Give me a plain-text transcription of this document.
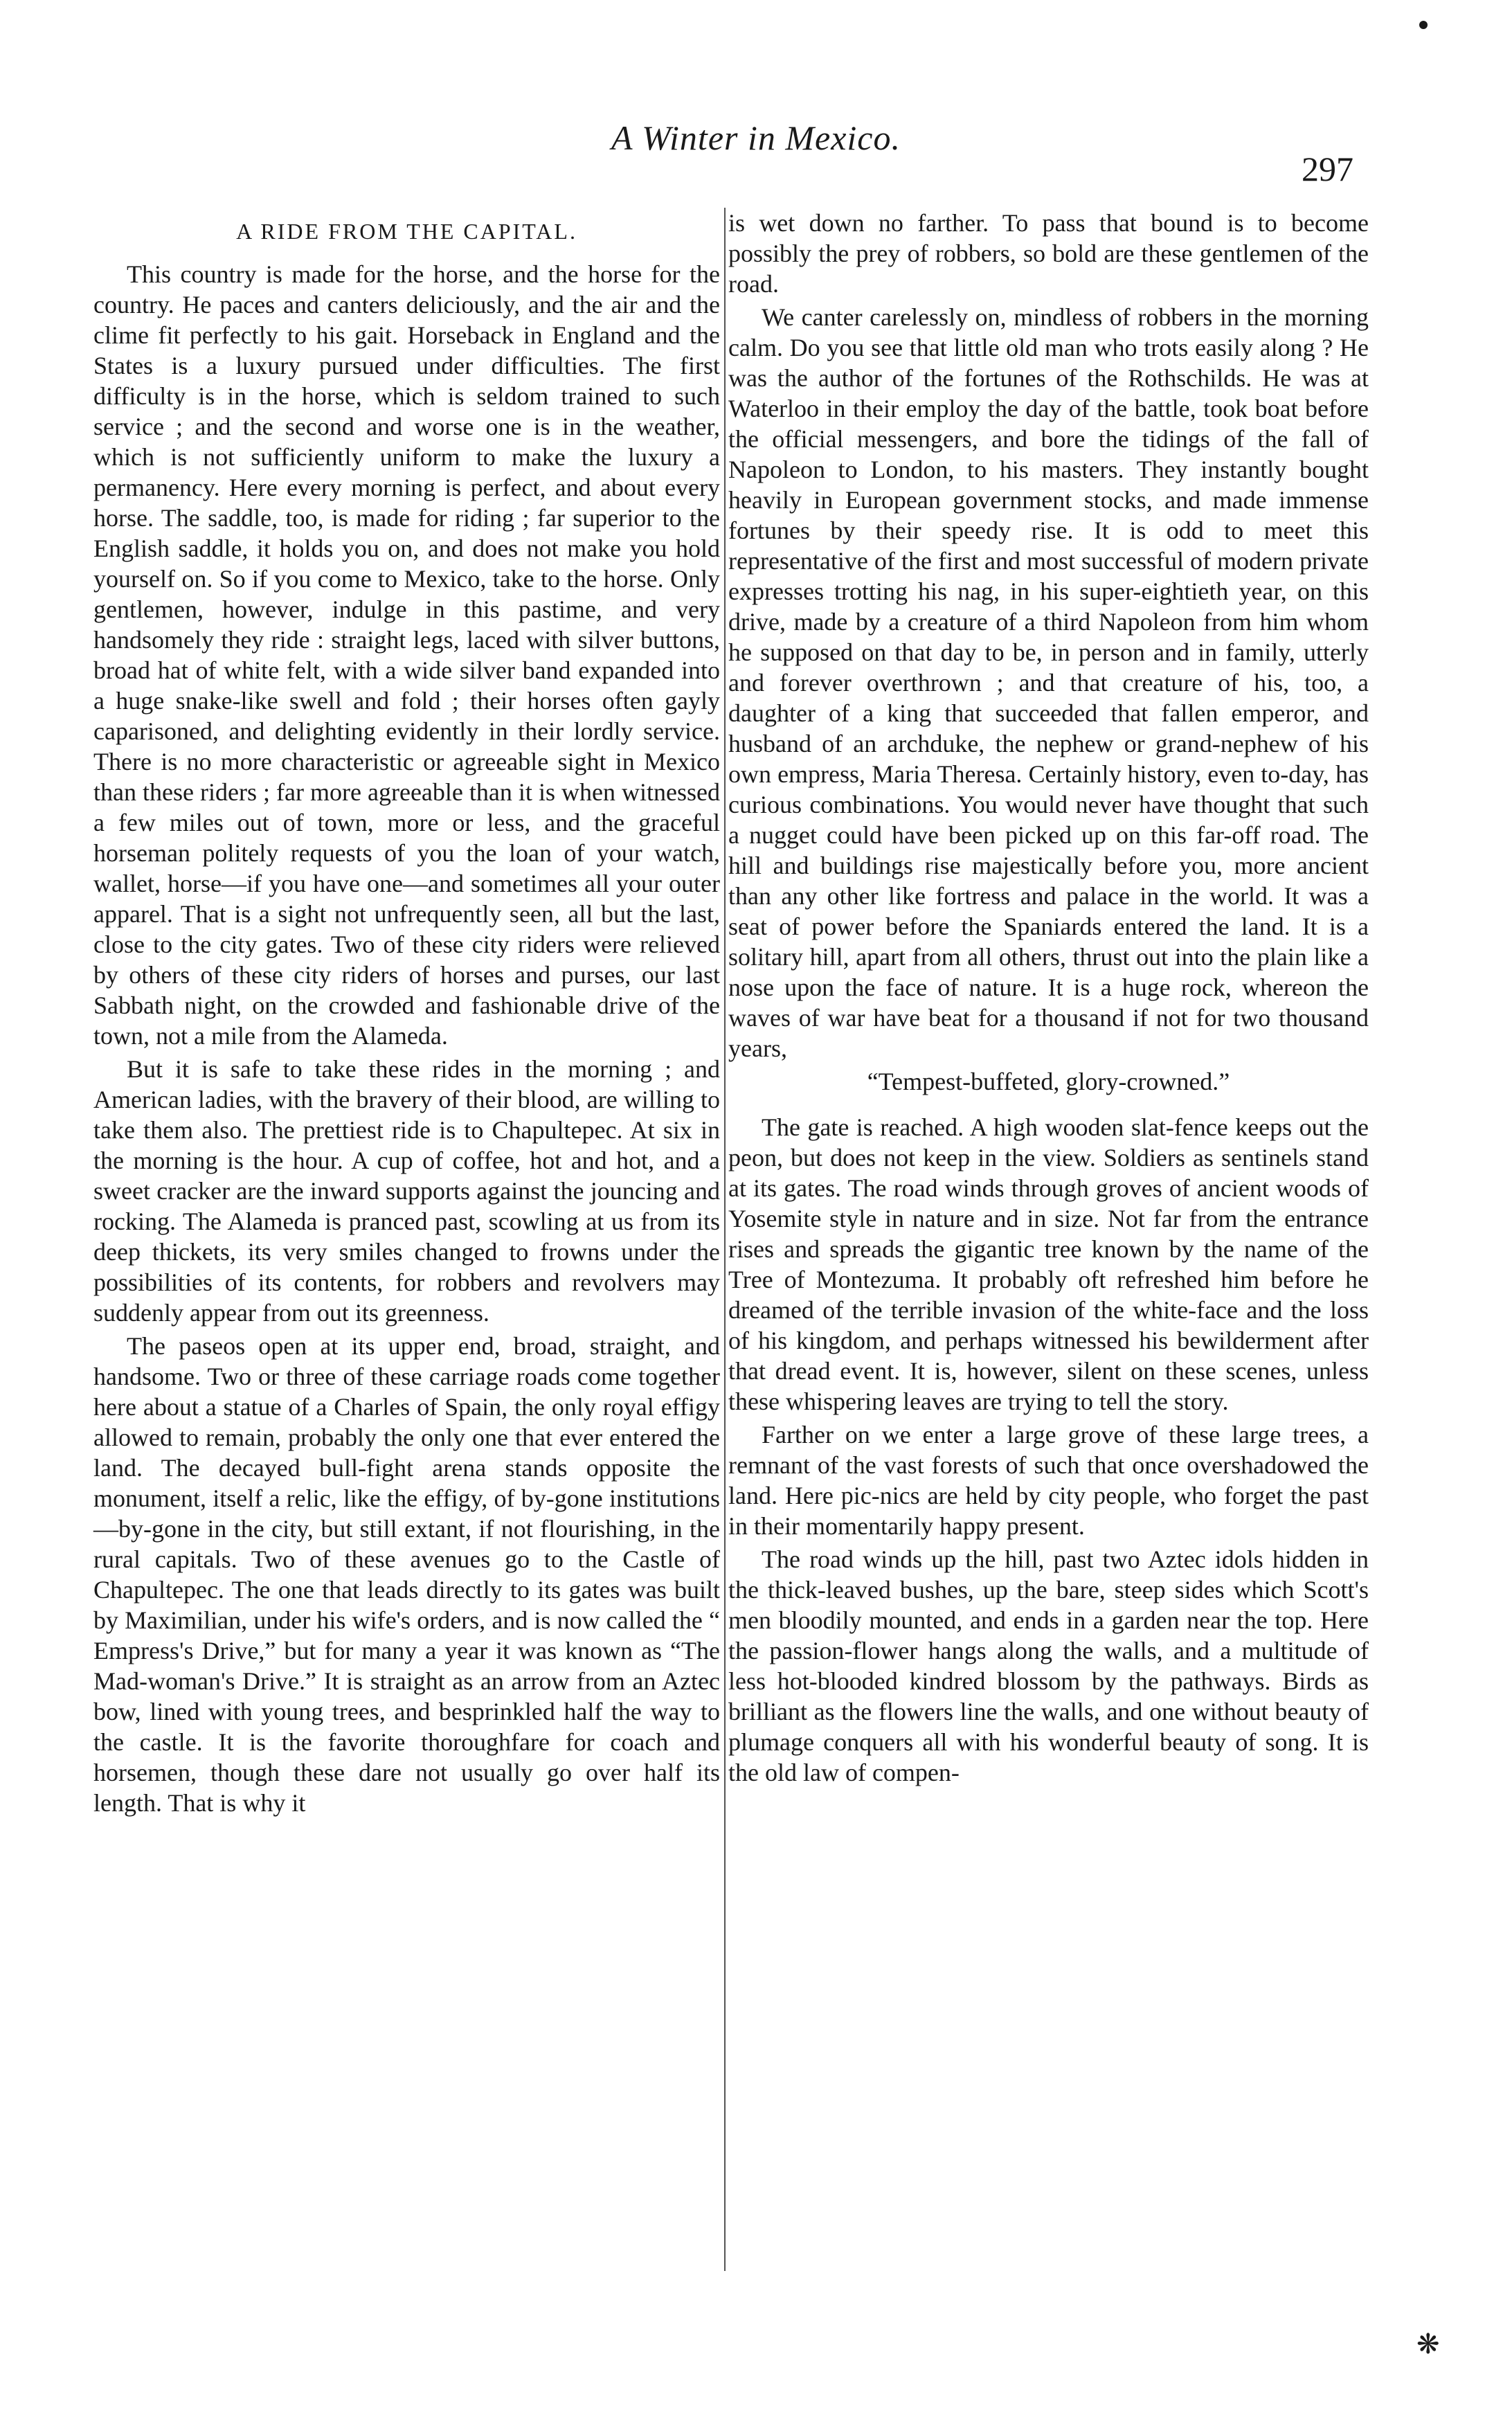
A Winter in Mexico.
297
A RIDE FROM THE CAPITAL.

This country is made for the horse, and the horse for the country. He paces and canters deliciously, and the air and the clime fit perfectly to his gait. Horseback in England and the States is a luxury pursued under difficulties. The first difficulty is in the horse, which is seldom trained to such service ; and the second and worse one is in the weather, which is not sufficiently uniform to make the luxury a permanency. Here every morning is perfect, and about every horse. The saddle, too, is made for riding ; far superior to the English saddle, it holds you on, and does not make you hold yourself on. So if you come to Mexico, take to the horse. Only gentlemen, however, indulge in this pastime, and very handsomely they ride : straight legs, laced with silver buttons, broad hat of white felt, with a wide silver band expanded into a huge snake-like swell and fold ; their horses often gayly caparisoned, and delighting evidently in their lordly service. There is no more characteristic or agreeable sight in Mexico than these riders ; far more agreeable than it is when witnessed a few miles out of town, more or less, and the graceful horseman politely requests of you the loan of your watch, wallet, horse—if you have one—and sometimes all your outer apparel. That is a sight not unfrequently seen, all but the last, close to the city gates. Two of these city riders were relieved by others of these city riders of horses and purses, our last Sabbath night, on the crowded and fashionable drive of the town, not a mile from the Alameda.

But it is safe to take these rides in the morning ; and American ladies, with the bravery of their blood, are willing to take them also. The prettiest ride is to Chapultepec. At six in the morning is the hour. A cup of coffee, hot and hot, and a sweet cracker are the inward supports against the jouncing and rocking. The Alameda is pranced past, scowling at us from its deep thickets, its very smiles changed to frowns under the possibilities of its contents, for robbers and revolvers may suddenly appear from out its greenness.

The paseos open at its upper end, broad, straight, and handsome. Two or three of these carriage roads come together here about a statue of a Charles of Spain, the only royal effigy allowed to remain, probably the only one that ever entered the land. The decayed bull-fight arena stands opposite the monument, itself a relic, like the effigy, of by-gone institutions—by-gone in the city, but still extant, if not flourishing, in the rural capitals. Two of these avenues go to the Castle of Chapultepec. The one that leads directly to its gates was built by Maximilian, under his wife's orders, and is now called the “ Empress's Drive,” but for many a year it was known as “The Mad-woman's Drive.” It is straight as an arrow from an Aztec bow, lined with young trees, and besprinkled half the way to the castle. It is the favorite thoroughfare for coach and horsemen, though these dare not usually go over half its length. That is why it

is wet down no farther. To pass that bound is to become possibly the prey of robbers, so bold are these gentlemen of the road.

We canter carelessly on, mindless of robbers in the morning calm. Do you see that little old man who trots easily along ? He was the author of the fortunes of the Rothschilds. He was at Waterloo in their employ the day of the battle, took boat before the official messengers, and bore the tidings of the fall of Napoleon to London, to his masters. They instantly bought heavily in European government stocks, and made immense fortunes by their speedy rise. It is odd to meet this representative of the first and most successful of modern private expresses trotting his nag, in his super-eightieth year, on this drive, made by a creature of a third Napoleon from him whom he supposed on that day to be, in person and in family, utterly and forever overthrown ; and that creature of his, too, a daughter of a king that succeeded that fallen emperor, and husband of an archduke, the nephew or grand-nephew of his own empress, Maria Theresa. Certainly history, even to-day, has curious combinations. You would never have thought that such a nugget could have been picked up on this far-off road. The hill and buildings rise majestically before you, more ancient than any other like fortress and palace in the world. It was a seat of power before the Spaniards entered the land. It is a solitary hill, apart from all others, thrust out into the plain like a nose upon the face of nature. It is a huge rock, whereon the waves of war have beat for a thousand if not for two thousand years,

“Tempest-buffeted, glory-crowned.”

The gate is reached. A high wooden slat-fence keeps out the peon, but does not keep in the view. Soldiers as sentinels stand at its gates. The road winds through groves of ancient woods of Yosemite style in nature and in size. Not far from the entrance rises and spreads the gigantic tree known by the name of the Tree of Montezuma. It probably oft refreshed him before he dreamed of the terrible invasion of the white-face and the loss of his kingdom, and perhaps witnessed his bewilderment after that dread event. It is, however, silent on these scenes, unless these whispering leaves are trying to tell the story.

Farther on we enter a large grove of these large trees, a remnant of the vast forests of such that once overshadowed the land. Here pic-nics are held by city people, who forget the past in their momentarily happy present.

The road winds up the hill, past two Aztec idols hidden in the thick-leaved bushes, up the bare, steep sides which Scott's men bloodily mounted, and ends in a garden near the top. Here the passion-flower hangs along the walls, and a multitude of less hot-blooded kindred blossom by the pathways. Birds as brilliant as the flowers line the walls, and one without beauty of plumage conquers all with his wonderful beauty of song. It is the old law of compen-

❋
